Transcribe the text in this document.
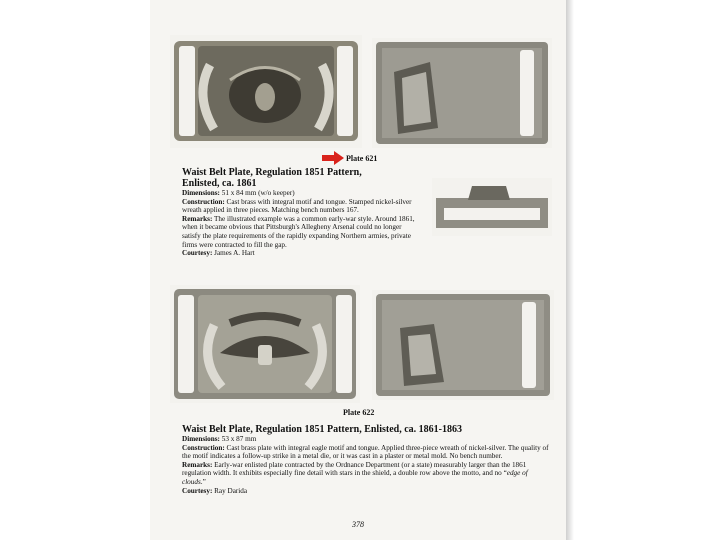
Plate 621

Waist Belt Plate, Regulation 1851 Pattern,

Enlisted, ca. 1861

Dimensions: 51 x 84 mm (w/o keeper)

Construction: Cast brass with integral motif and tongue. Stamped nickel-silver wreath applied in three pieces. Matching bench numbers 167.

Remarks: The illustrated example was a common early-war style. Around 1861, when it became obvious that Pittsburgh's Allegheny Arsenal could no longer satisfy the plate requirements of the rapidly expanding Northern armies, private firms were contracted to fill the gap.

Courtesy: James A. Hart

Plate 622

Waist Belt Plate, Regulation 1851 Pattern, Enlisted, ca. 1861-1863

Dimensions: 53 x 87 mm

Construction: Cast brass plate with integral eagle motif and tongue. Applied three-piece wreath of nickel-silver. The quality of the motif indicates a follow-up strike in a metal die, or it was cast in a plaster or metal mold. No bench number.

Remarks: Early-war enlisted plate contracted by the Ordnance Department (or a state) measurably larger than the 1861 regulation width. It exhibits especially fine detail with stars in the shield, a double row above the motto, and no “edge of clouds.”

Courtesy: Ray Darida

378
